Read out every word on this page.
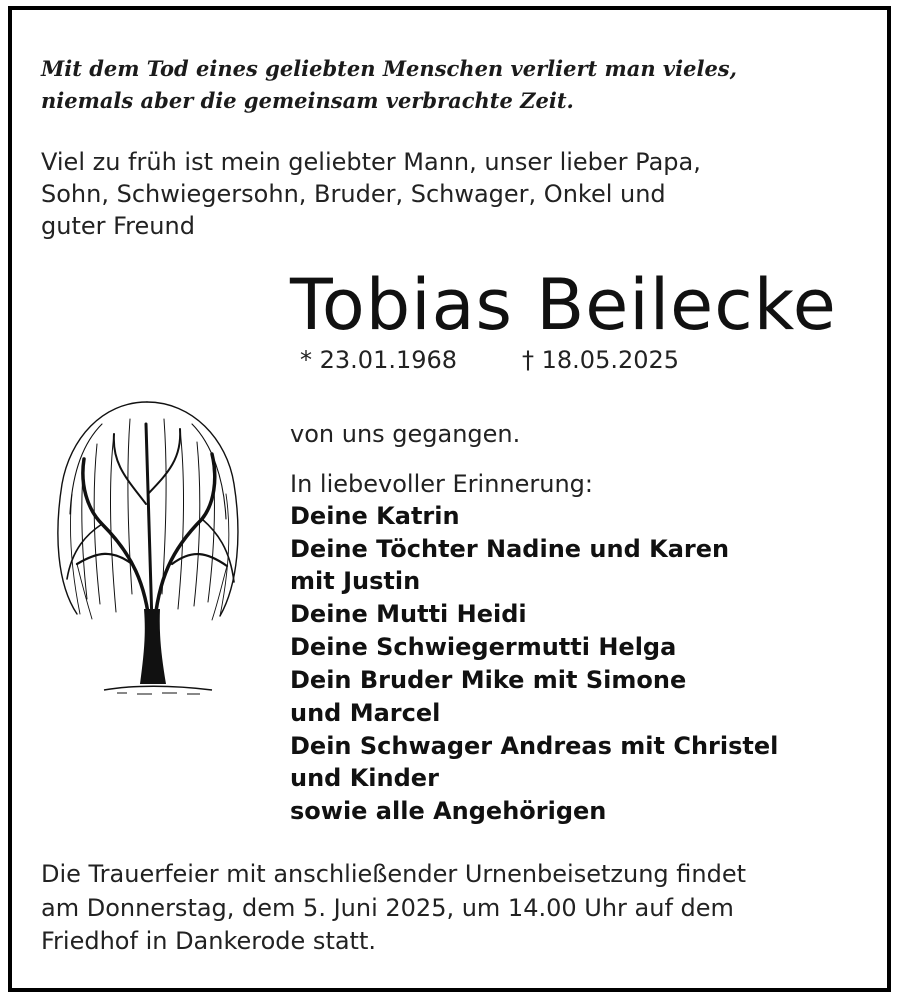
Mit dem Tod eines geliebten Menschen verliert man vieles,
niemals aber die gemeinsam verbrachte Zeit.
Viel zu früh ist mein geliebter Mann, unser lieber Papa,
Sohn, Schwiegersohn, Bruder, Schwager, Onkel und
guter Freund
Tobias Beilecke
* 23.01.1968	† 18.05.2025
von uns gegangen.
In liebevoller Erinnerung:
Deine Katrin
Deine Töchter Nadine und Karen
mit Justin
Deine Mutti Heidi
Deine Schwiegermutti Helga
Dein Bruder Mike mit Simone
und Marcel
Dein Schwager Andreas mit Christel
und Kinder
sowie alle Angehörigen
Die Trauerfeier mit anschließender Urnenbeisetzung findet
am Donnerstag, dem 5. Juni 2025, um 14.00 Uhr auf dem
Friedhof in Dankerode statt.
